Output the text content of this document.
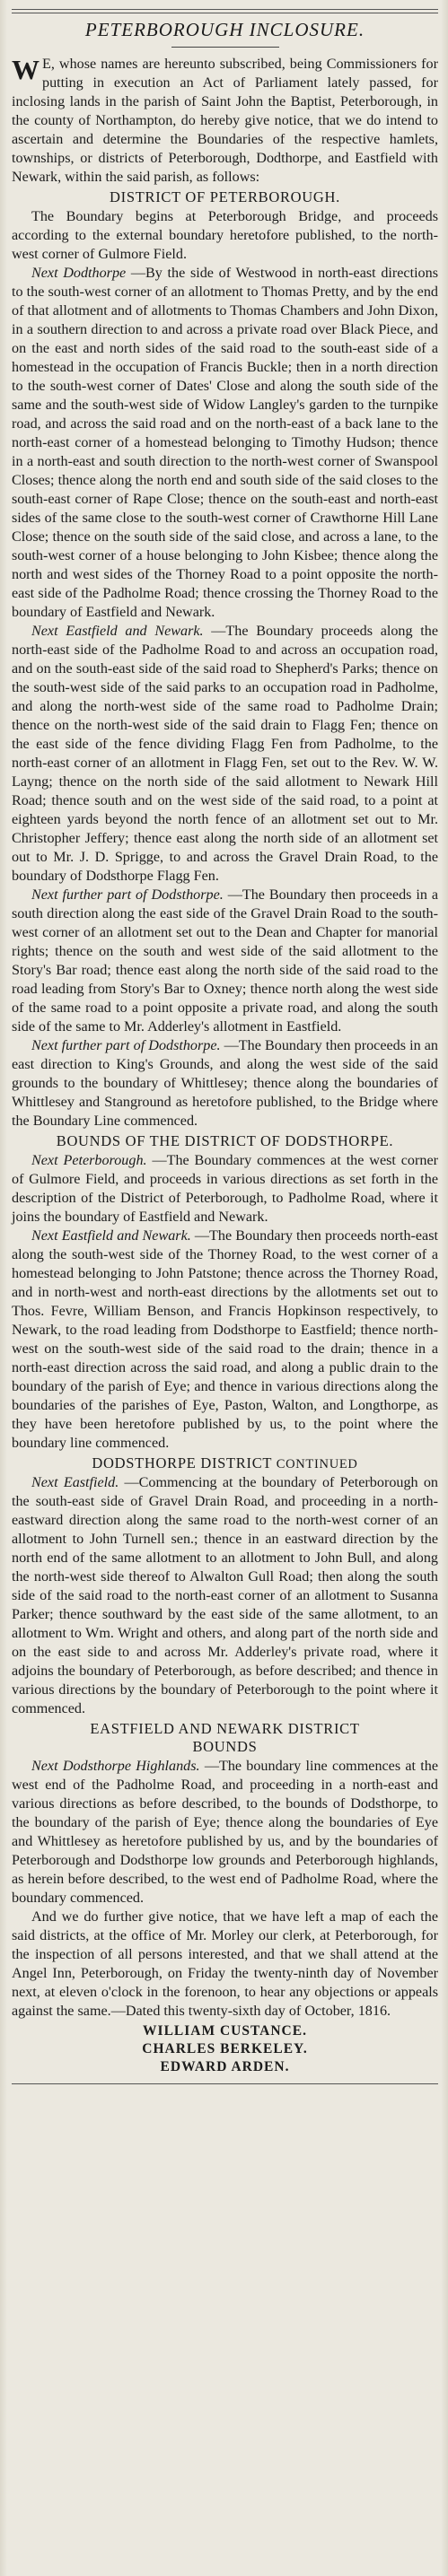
PETERBOROUGH INCLOSURE.

W E, whose names are hereunto subscribed, being Commissioners for putting in execution an Act of Parliament lately passed, for inclosing lands in the parish of Saint John the Baptist, Peterborough, in the county of Northampton, do hereby give notice, that we do intend to ascertain and determine the Boundaries of the respective hamlets, townships, or districts of Peterborough, Dodthorpe, and Eastfield with Newark, within the said parish, as follows:

DISTRICT OF PETERBOROUGH.

The Boundary begins at Peterborough Bridge, and proceeds according to the external boundary heretofore published, to the north-west corner of Gulmore Field.

Next Dodthorpe —By the side of Westwood in north-east directions to the south-west corner of an allotment to Thomas Pretty, and by the end of that allotment and of allotments to Thomas Chambers and John Dixon, in a southern direction to and across a private road over Black Piece, and on the east and north sides of the said road to the south-east side of a homestead in the occupation of Francis Buckle; then in a north direction to the south-west corner of Dates' Close and along the south side of the same and the south-west side of Widow Langley's garden to the turnpike road, and across the said road and on the north-east of a back lane to the north-east corner of a homestead belonging to Timothy Hudson; thence in a north-east and south direction to the north-west corner of Swanspool Closes; thence along the north end and south side of the said closes to the south-east corner of Rape Close; thence on the south-east and north-east sides of the same close to the south-west corner of Crawthorne Hill Lane Close; thence on the south side of the said close, and across a lane, to the south-west corner of a house belonging to John Kisbee; thence along the north and west sides of the Thorney Road to a point opposite the north-east side of the Padholme Road; thence crossing the Thorney Road to the boundary of Eastfield and Newark.

Next Eastfield and Newark. —The Boundary proceeds along the north-east side of the Padholme Road to and across an occupation road, and on the south-east side of the said road to Shepherd's Parks; thence on the south-west side of the said parks to an occupation road in Padholme, and along the north-west side of the same road to Padholme Drain; thence on the north-west side of the said drain to Flagg Fen; thence on the east side of the fence dividing Flagg Fen from Padholme, to the north-east corner of an allotment in Flagg Fen, set out to the Rev. W. W. Layng; thence on the north side of the said allotment to Newark Hill Road; thence south and on the west side of the said road, to a point at eighteen yards beyond the north fence of an allotment set out to Mr. Christopher Jeffery; thence east along the north side of an allotment set out to Mr. J. D. Sprigge, to and across the Gravel Drain Road, to the boundary of Dodsthorpe Flagg Fen.

Next further part of Dodsthorpe. —The Boundary then proceeds in a south direction along the east side of the Gravel Drain Road to the south-west corner of an allotment set out to the Dean and Chapter for manorial rights; thence on the south and west side of the said allotment to the Story's Bar road; thence east along the north side of the said road to the road leading from Story's Bar to Oxney; thence north along the west side of the same road to a point opposite a private road, and along the south side of the same to Mr. Adderley's allotment in Eastfield.

Next further part of Dodsthorpe. —The Boundary then proceeds in an east direction to King's Grounds, and along the west side of the said grounds to the boundary of Whittlesey; thence along the boundaries of Whittlesey and Stanground as heretofore published, to the Bridge where the Boundary Line commenced.

BOUNDS OF THE DISTRICT OF DODSTHORPE.

Next Peterborough. —The Boundary commences at the west corner of Gulmore Field, and proceeds in various directions as set forth in the description of the District of Peterborough, to Padholme Road, where it joins the boundary of Eastfield and Newark.

Next Eastfield and Newark. —The Boundary then proceeds north-east along the south-west side of the Thorney Road, to the west corner of a homestead belonging to John Patstone; thence across the Thorney Road, and in north-west and north-east directions by the allotments set out to Thos. Fevre, William Benson, and Francis Hopkinson respectively, to Newark, to the road leading from Dodsthorpe to Eastfield; thence north-west on the south-west side of the said road to the drain; thence in a north-east direction across the said road, and along a public drain to the boundary of the parish of Eye; and thence in various directions along the boundaries of the parishes of Eye, Paston, Walton, and Longthorpe, as they have been heretofore published by us, to the point where the boundary line commenced.

DODSTHORPE DISTRICT CONTINUED

Next Eastfield. —Commencing at the boundary of Peterborough on the south-east side of Gravel Drain Road, and proceeding in a north-eastward direction along the same road to the north-west corner of an allotment to John Turnell sen.; thence in an eastward direction by the north end of the same allotment to an allotment to John Bull, and along the north-west side thereof to Alwalton Gull Road; then along the south side of the said road to the north-east corner of an allotment to Susanna Parker; thence southward by the east side of the same allotment, to an allotment to Wm. Wright and others, and along part of the north side and on the east side to and across Mr. Adderley's private road, where it adjoins the boundary of Peterborough, as before described; and thence in various directions by the boundary of Peterborough to the point where it commenced.

EASTFIELD AND NEWARK DISTRICT
BOUNDS

Next Dodsthorpe Highlands. —The boundary line commences at the west end of the Padholme Road, and proceeding in a north-east and various directions as before described, to the bounds of Dodsthorpe, to the boundary of the parish of Eye; thence along the boundaries of Eye and Whittlesey as heretofore published by us, and by the boundaries of Peterborough and Dodsthorpe low grounds and Peterborough highlands, as herein before described, to the west end of Padholme Road, where the boundary commenced.

And we do further give notice, that we have left a map of each the said districts, at the office of Mr. Morley our clerk, at Peterborough, for the inspection of all persons interested, and that we shall attend at the Angel Inn, Peterborough, on Friday the twenty-ninth day of November next, at eleven o'clock in the forenoon, to hear any objections or appeals against the same.—Dated this twenty-sixth day of October, 1816.

WILLIAM CUSTANCE.
CHARLES BERKELEY.
EDWARD ARDEN.
